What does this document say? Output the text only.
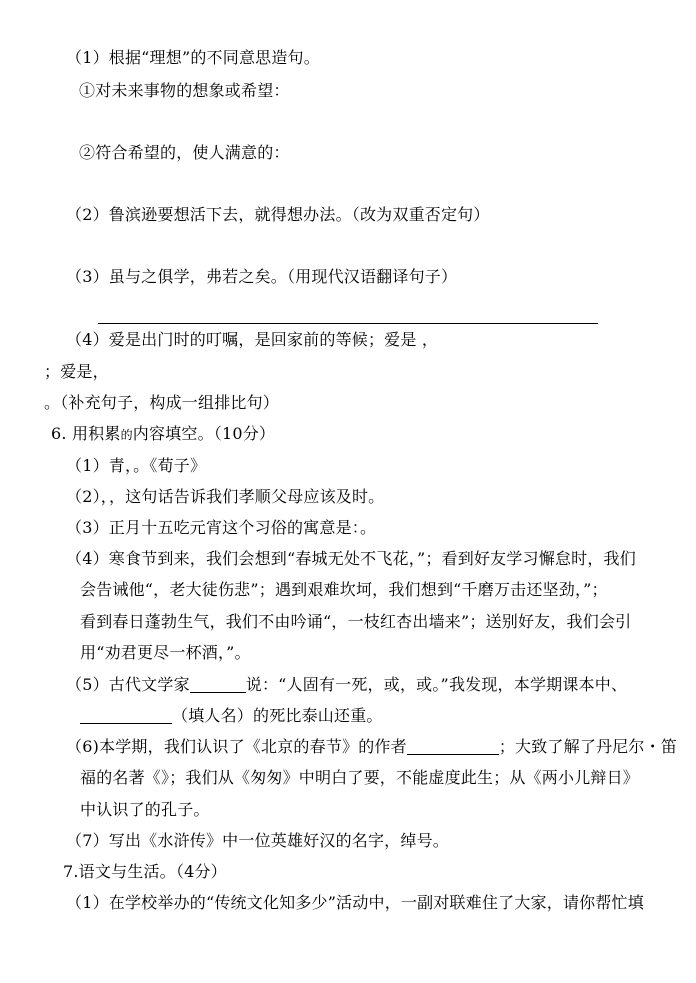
（1）根据“理想”的不同意思造句。
①对未来事物的想象或希望：
②符合希望的，使人满意的：
（2）鲁滨逊要想活下去，就得想办法。（改为双重否定句）
（3）虽与之俱学，弗若之矣。（用现代汉语翻译句子）
（4）爱是出门时的叮嘱，是回家前的等候；爱是 ，
；爱是，
。（补充句子，构成一组排比句）
6. 用积累的内容填空。（10分）
（1）青，。《荀子》
（2），，这句话告诉我们孝顺父母应该及时。
（3）正月十五吃元宵这个习俗的寓意是：。
（4）寒食节到来，我们会想到“春城无处不飞花，”；看到好友学习懈怠时，我们
会告诫他“，老大徒伤悲”；遇到艰难坎坷，我们想到“千磨万击还坚劲，”；
看到春日蓬勃生气，我们不由吟诵“，一枝红杏出墙来”；送别好友，我们会引
用“劝君更尽一杯酒，”。
（5）古代文学家	说：“人固有一死，或，或。”我发现，本学期课本中、
（填人名）的死比泰山还重。
（6)本学期，我们认识了《北京的春节》的作者	；大致了解了丹尼尔・笛
福的名著《》；我们从《匆匆》中明白了要，不能虚度此生；从《两小儿辩日》
中认识了的孔子。
（7）写出《水浒传》中一位英雄好汉的名字，绰号。
7.语文与生活。（4分）
（1）在学校举办的“传统文化知多少”活动中，一副对联难住了大家，请你帮忙填
